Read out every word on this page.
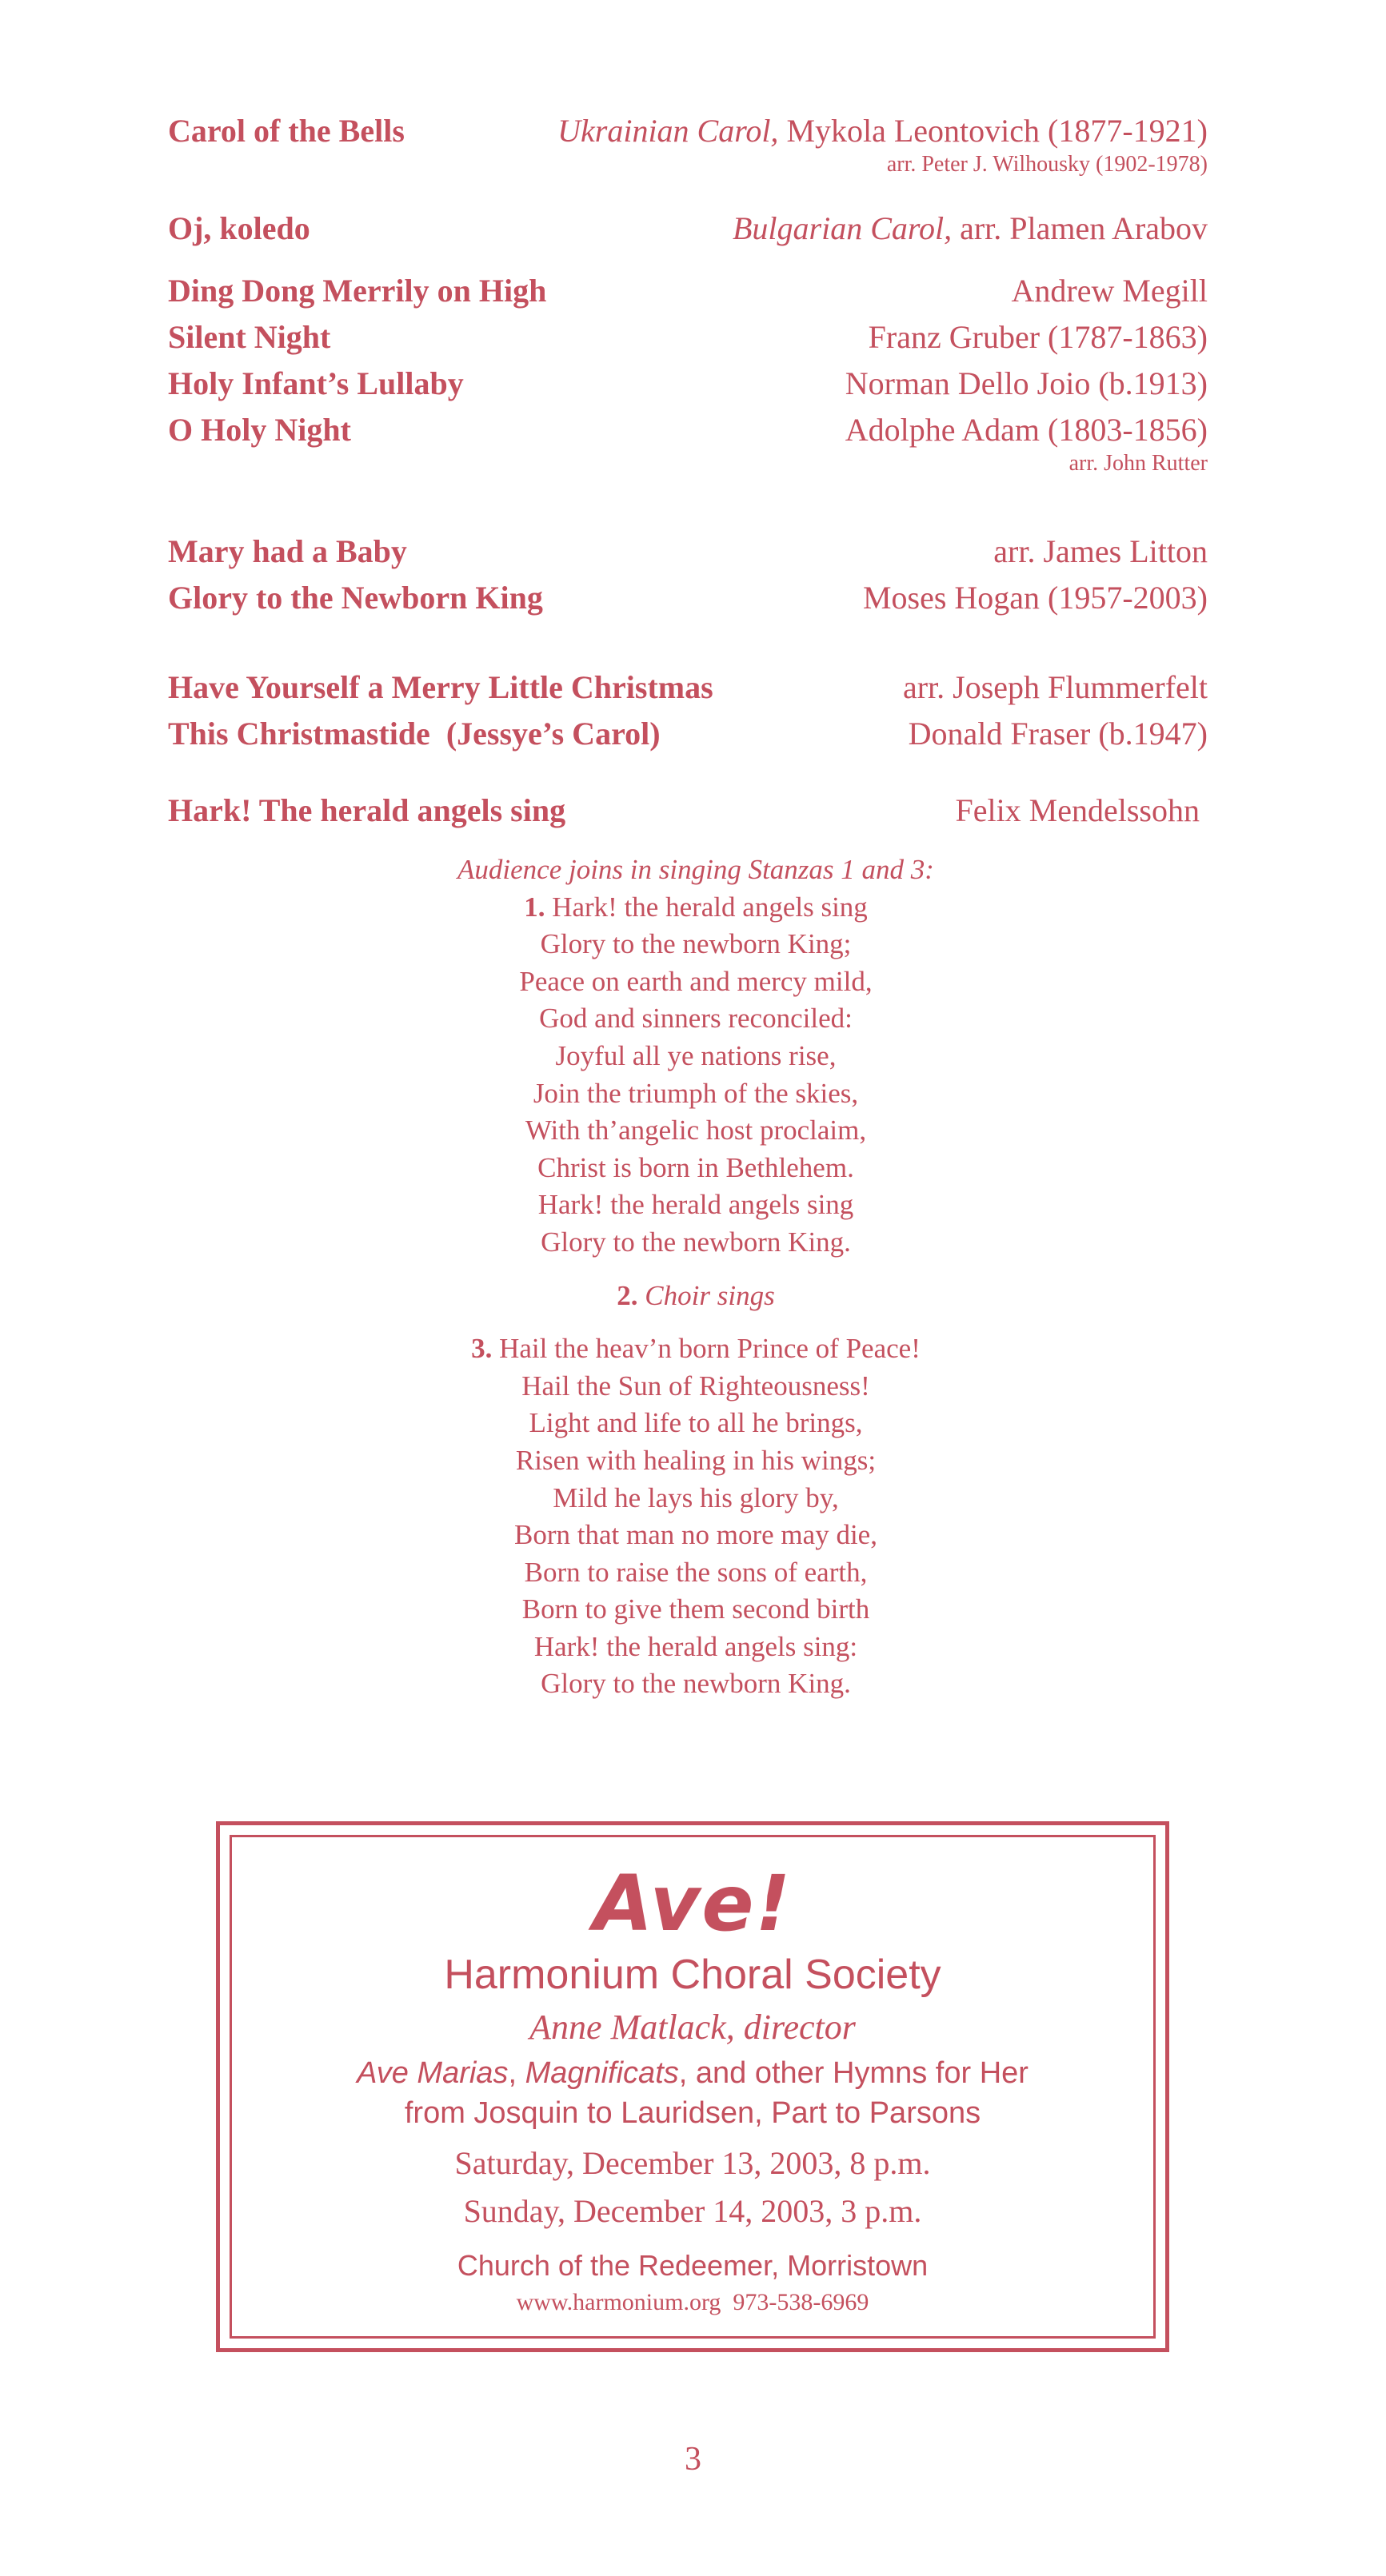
Carol of the Bells	Ukrainian Carol, Mykola Leontovich (1877-1921)
arr. Peter J. Wilhousky (1902-1978)
Oj, koledo	Bulgarian Carol, arr. Plamen Arabov
Ding Dong Merrily on High	Andrew Megill
Silent Night	Franz Gruber (1787-1863)
Holy Infant’s Lullaby	Norman Dello Joio (b.1913)
O Holy Night	Adolphe Adam (1803-1856)
arr. John Rutter
Mary had a Baby	arr. James Litton
Glory to the Newborn King	Moses Hogan (1957-2003)
Have Yourself a Merry Little Christmas	arr. Joseph Flummerfelt
This Christmastide  (Jessye’s Carol)	Donald Fraser (b.1947)
Hark! The herald angels sing	Felix Mendelssohn
Audience joins in singing Stanzas 1 and 3:
1. Hark! the herald angels sing
Glory to the newborn King;
Peace on earth and mercy mild,
God and sinners reconciled:
Joyful all ye nations rise,
Join the triumph of the skies,
With th’angelic host proclaim,
Christ is born in Bethlehem.
Hark! the herald angels sing
Glory to the newborn King.
2. Choir sings
3. Hail the heav’n born Prince of Peace!
Hail the Sun of Righteousness!
Light and life to all he brings,
Risen with healing in his wings;
Mild he lays his glory by,
Born that man no more may die,
Born to raise the sons of earth,
Born to give them second birth
Hark! the herald angels sing:
Glory to the newborn King.
Ave!
Harmonium Choral Society
Anne Matlack, director
Ave Marias, Magnificats, and other Hymns for Her
from Josquin to Lauridsen, Part to Parsons
Saturday, December 13, 2003, 8 p.m.
Sunday, December 14, 2003, 3 p.m.
Church of the Redeemer, Morristown
www.harmonium.org 973-538-6969
3
